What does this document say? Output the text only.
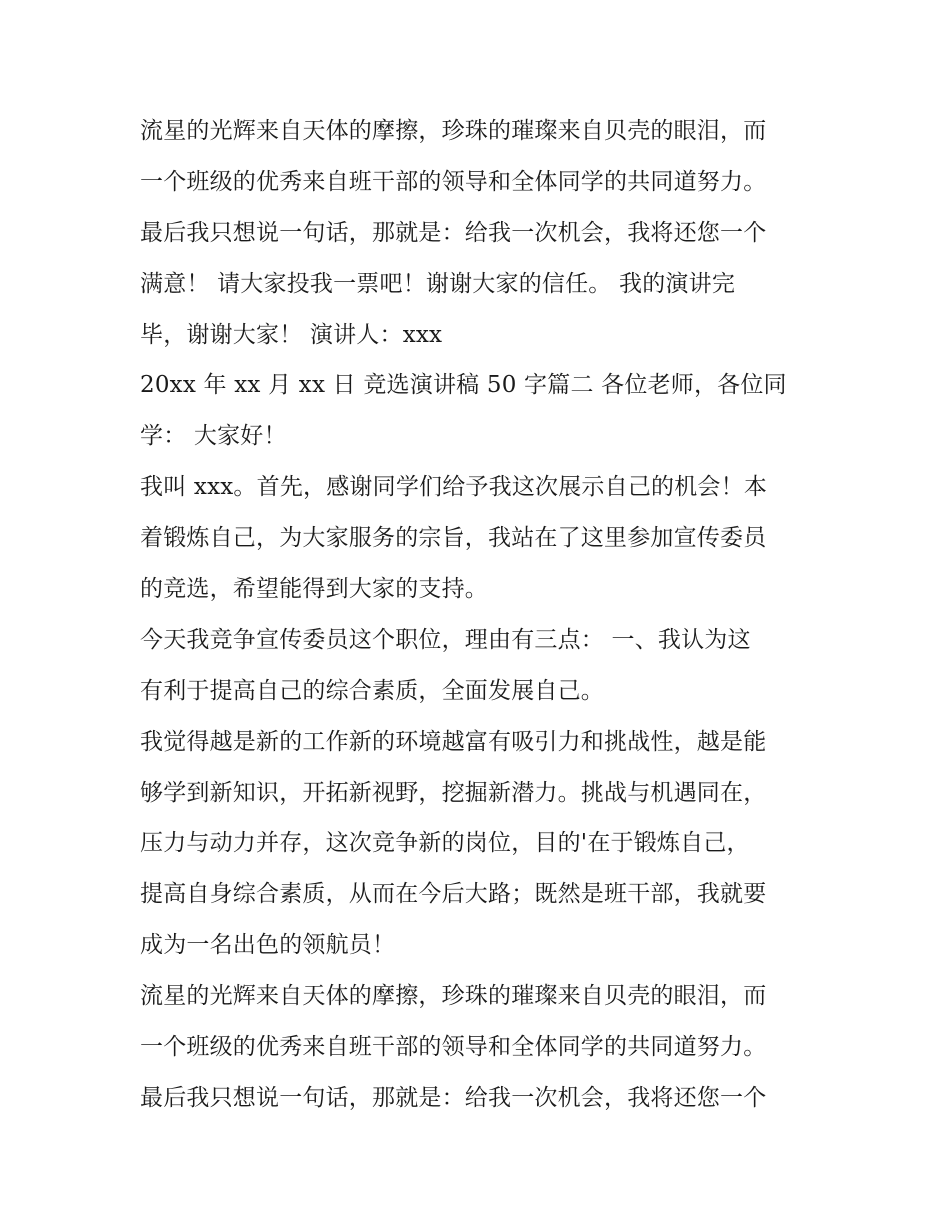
流星的光辉来自天体的摩擦，珍珠的璀璨来自贝壳的眼泪，而
一个班级的优秀来自班干部的领导和全体同学的共同道努力。
最后我只想说一句话，那就是：给我一次机会，我将还您一个
满意！ 请大家投我一票吧！谢谢大家的信任。 我的演讲完
毕，谢谢大家！ 演讲人：xxx
20xx 年 xx 月 xx 日 竞选演讲稿 50 字篇二 各位老师，各位同
学： 大家好！
我叫 xxx。首先，感谢同学们给予我这次展示自己的机会！本
着锻炼自己，为大家服务的宗旨，我站在了这里参加宣传委员
的竞选，希望能得到大家的支持。
今天我竞争宣传委员这个职位，理由有三点： 一、我认为这
有利于提高自己的综合素质，全面发展自己。
我觉得越是新的工作新的环境越富有吸引力和挑战性，越是能
够学到新知识，开拓新视野，挖掘新潜力。挑战与机遇同在，
压力与动力并存，这次竞争新的岗位，目的'在于锻炼自己，
提高自身综合素质，从而在今后大路；既然是班干部，我就要
成为一名出色的领航员！
流星的光辉来自天体的摩擦，珍珠的璀璨来自贝壳的眼泪，而
一个班级的优秀来自班干部的领导和全体同学的共同道努力。
最后我只想说一句话，那就是：给我一次机会，我将还您一个
